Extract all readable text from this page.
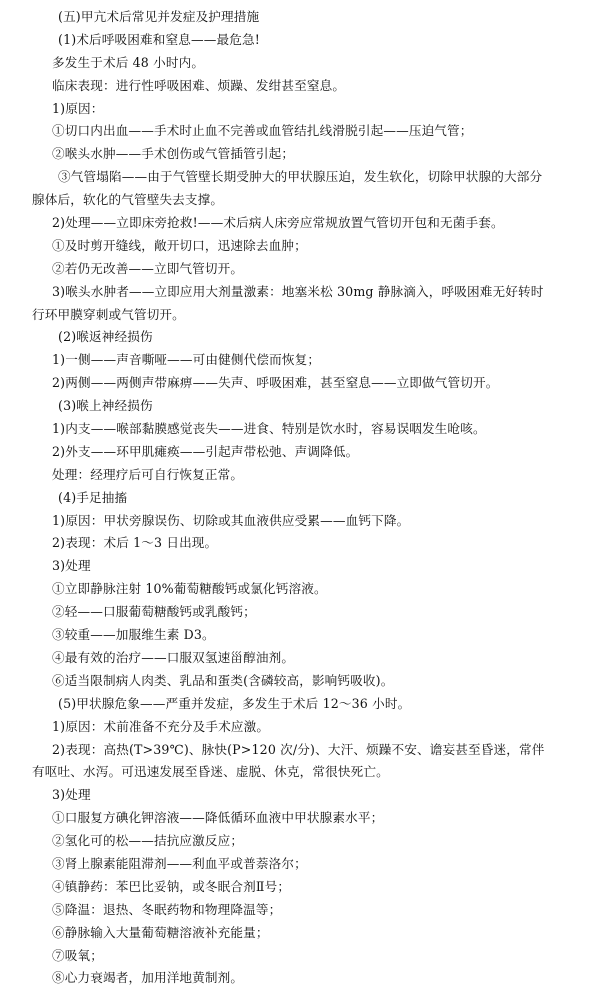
(五)甲亢术后常见并发症及护理措施
(1)术后呼吸困难和窒息——最危急!
多发生于术后 48 小时内。
临床表现：进行性呼吸困难、烦躁、发绀甚至窒息。
1)原因：
①切口内出血——手术时止血不完善或血管结扎线滑脱引起——压迫气管；
②喉头水肿——手术创伤或气管插管引起；
③气管塌陷——由于气管壁长期受肿大的甲状腺压迫，发生软化，切除甲状腺的大部分
腺体后，软化的气管壁失去支撑。
2)处理——立即床旁抢救!——术后病人床旁应常规放置气管切开包和无菌手套。
①及时剪开缝线，敞开切口，迅速除去血肿；
②若仍无改善——立即气管切开。
3)喉头水肿者——立即应用大剂量激素：地塞米松 30mg 静脉滴入，呼吸困难无好转时
行环甲膜穿刺或气管切开。
(2)喉返神经损伤
1)一侧——声音嘶哑——可由健侧代偿而恢复；
2)两侧——两侧声带麻痹——失声、呼吸困难，甚至窒息——立即做气管切开。
(3)喉上神经损伤
1)内支——喉部黏膜感觉丧失——进食、特别是饮水时，容易误咽发生呛咳。
2)外支——环甲肌瘫痪——引起声带松弛、声调降低。
处理：经理疗后可自行恢复正常。
(4)手足抽搐
1)原因：甲状旁腺误伤、切除或其血液供应受累——血钙下降。
2)表现：术后 1～3 日出现。
3)处理
①立即静脉注射 10%葡萄糖酸钙或氯化钙溶液。
②轻——口服葡萄糖酸钙或乳酸钙；
③较重——加服维生素 D3。
④最有效的治疗——口服双氢速甾醇油剂。
⑥适当限制病人肉类、乳品和蛋类(含磷较高，影响钙吸收)。
(5)甲状腺危象——严重并发症，多发生于术后 12～36 小时。
1)原因：术前准备不充分及手术应激。
2)表现：高热(T>39℃)、脉快(P>120 次/分)、大汗、烦躁不安、谵妄甚至昏迷，常伴
有呕吐、水泻。可迅速发展至昏迷、虚脱、休克，常很快死亡。
3)处理
①口服复方碘化钾溶液——降低循环血液中甲状腺素水平；
②氢化可的松——拮抗应激反应；
③肾上腺素能阻滞剂——利血平或普萘洛尔；
④镇静药：苯巴比妥钠，或冬眠合剂Ⅱ号；
⑤降温：退热、冬眠药物和物理降温等；
⑥静脉输入大量葡萄糖溶液补充能量；
⑦吸氧；
⑧心力衰竭者，加用洋地黄制剂。
